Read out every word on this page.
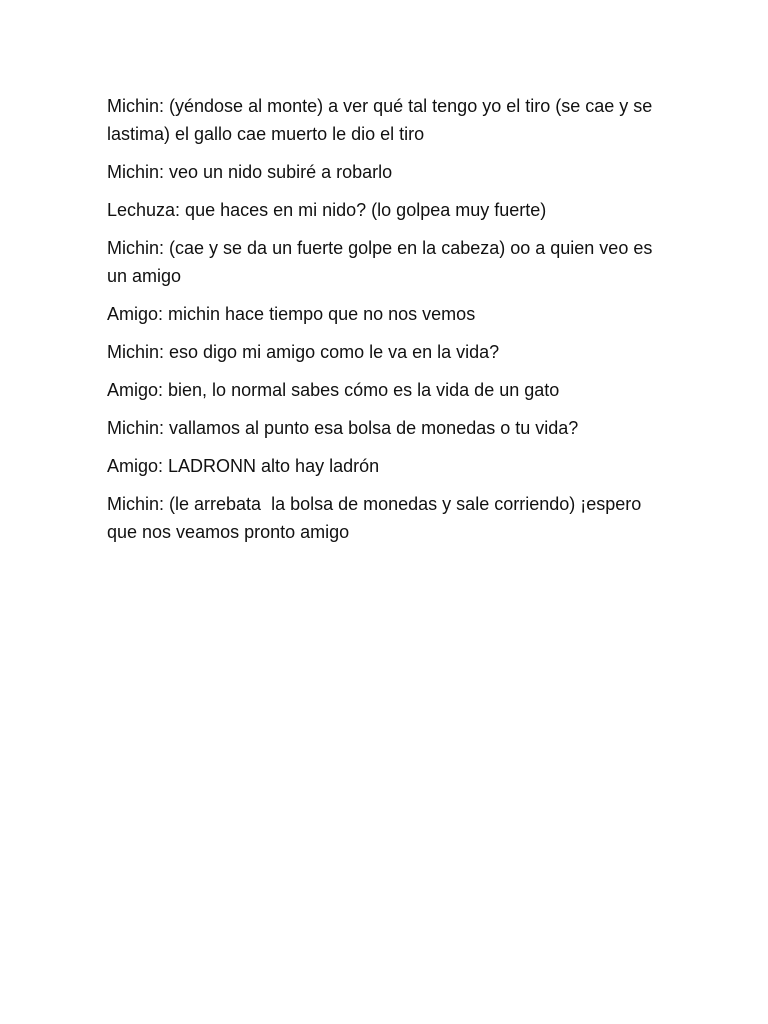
Michin: (yéndose al monte) a ver qué tal tengo yo el tiro (se cae y se lastima) el gallo cae muerto le dio el tiro

Michin: veo un nido subiré a robarlo

Lechuza: que haces en mi nido? (lo golpea muy fuerte)

Michin: (cae y se da un fuerte golpe en la cabeza) oo a quien veo es un amigo

Amigo: michin hace tiempo que no nos vemos

Michin: eso digo mi amigo como le va en la vida?

Amigo: bien, lo normal sabes cómo es la vida de un gato

Michin: vallamos al punto esa bolsa de monedas o tu vida?

Amigo: LADRONN alto hay ladrón

Michin: (le arrebata  la bolsa de monedas y sale corriendo) ¡espero que nos veamos pronto amigo
